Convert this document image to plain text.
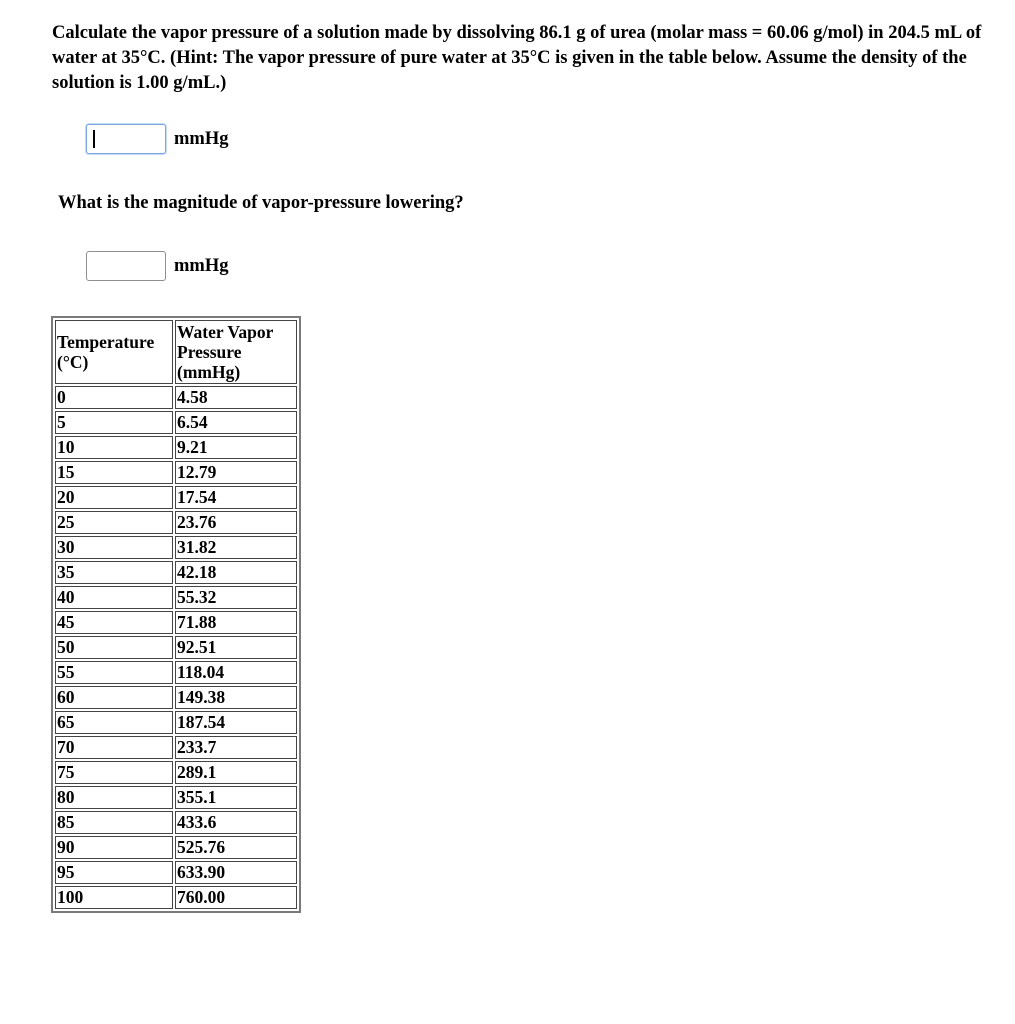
Calculate the vapor pressure of a solution made by dissolving 86.1 g of urea (molar mass = 60.06 g/mol) in 204.5 mL of water at 35°C. (Hint: The vapor pressure of pure water at 35°C is given in the table below. Assume the density of the solution is 1.00 g/mL.)

mmHg

What is the magnitude of vapor-pressure lowering?

mmHg
Temperature (°C)	Water Vapor Pressure (mmHg)
0	4.58
5	6.54
10	9.21
15	12.79
20	17.54
25	23.76
30	31.82
35	42.18
40	55.32
45	71.88
50	92.51
55	118.04
60	149.38
65	187.54
70	233.7
75	289.1
80	355.1
85	433.6
90	525.76
95	633.90
100	760.00
